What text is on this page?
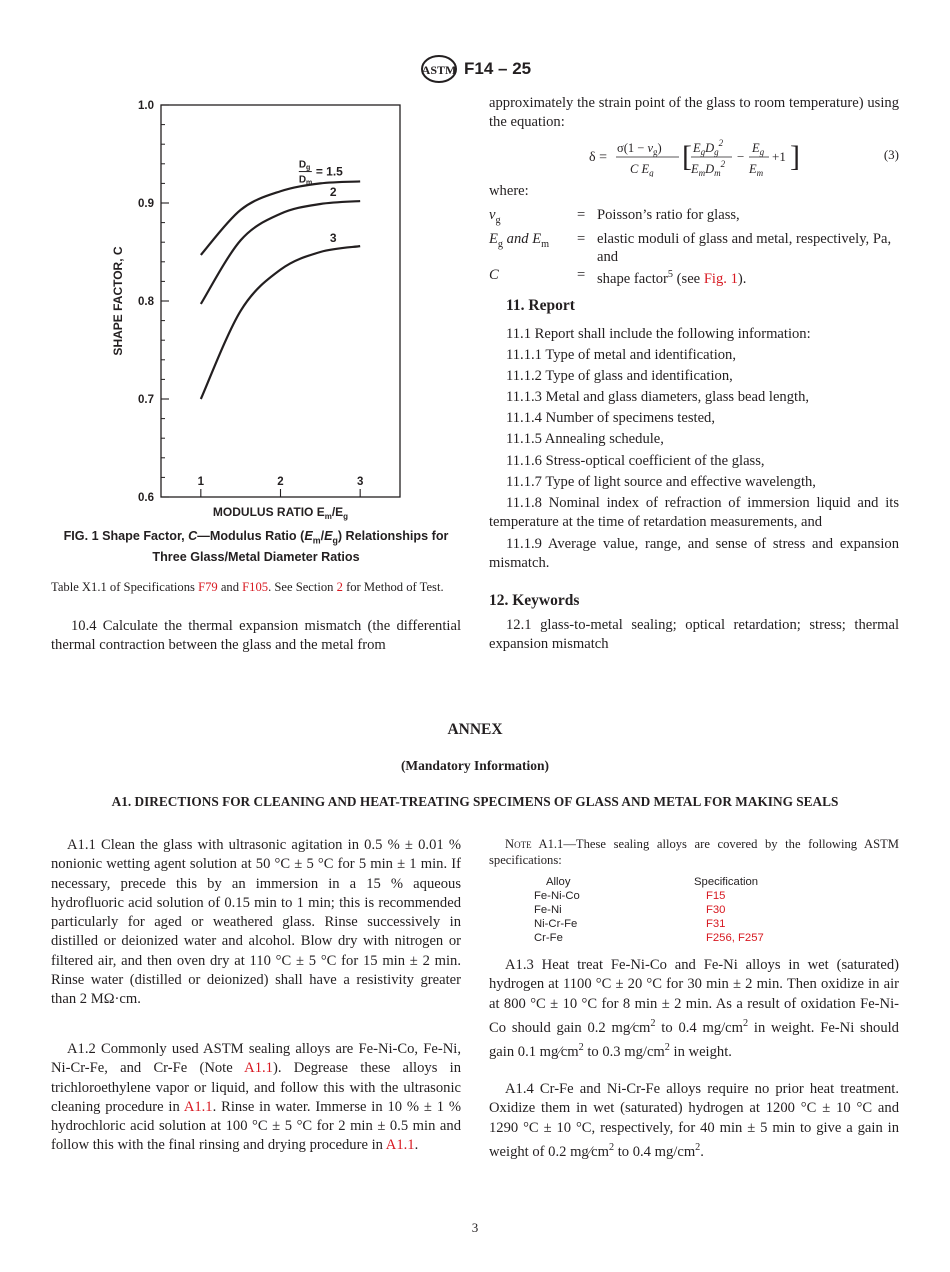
ASTM F14 – 25
0.6
0.7
0.8
0.9
1.0
1	2	3
MODULUS RATIO $E_m/E_g$
SHAPE FACTOR, C
3
2
$D_g$
$D_m$
= 1.5
FIG. 1 Shape Factor, C—Modulus Ratio $(E_m/E_g)$ Relationships for
Three Glass/Metal Diameter Ratios
Table X1.1 of Specifications F79 and F105. See Section 2 for Method of Test.

10.4 Calculate the thermal expansion mismatch (the differential thermal contraction between the glass and the metal from

approximately the strain point of the glass to room temperature) using the equation:

δ =
$\sigma(1 - v_g)$
C $E_g$ [ $E_gD_g^2$
$E_mD_m^2$ −
$E_g$
$E_m$
+1 ]	(3)
where:
$v_g$	=	Poisson’s ratio for glass,
$E_g$ and $E_m$	=	elastic moduli of glass and metal, respectively, Pa, and
C	=	shape factor$^5$ (see Fig. 1).
11. Report
11.1 Report shall include the following information:
11.1.1 Type of metal and identification,
11.1.2 Type of glass and identification,
11.1.3 Metal and glass diameters, glass bead length,
11.1.4 Number of specimens tested,
11.1.5 Annealing schedule,
11.1.6 Stress-optical coefficient of the glass,
11.1.7 Type of light source and effective wavelength,

11.1.8 Nominal index of refraction of immersion liquid and its temperature at the time of retardation measurements, and

11.1.9 Average value, range, and sense of stress and expansion mismatch.

12. Keywords

12.1 glass-to-metal sealing; optical retardation; stress; thermal expansion mismatch

ANNEX
(Mandatory Information)
A1. DIRECTIONS FOR CLEANING AND HEAT-TREATING SPECIMENS OF GLASS AND METAL FOR MAKING SEALS

A1.1 Clean the glass with ultrasonic agitation in 0.5 % ± 0.01 % nonionic wetting agent solution at 50 °C ± 5 °C for 5 min ± 1 min. If necessary, precede this by an immersion in a 15 % aqueous hydrofluoric acid solution of 0.15 min to 1 min; this is recommended particularly for aged or weathered glass. Rinse successively in distilled or deionized water and alcohol. Blow dry with nitrogen or filtered air, and then oven dry at 110 °C ± 5 °C for 15 min ± 2 min. Rinse water (distilled or deionized) shall have a resistivity greater than 2 MΩ·cm.

A1.2 Commonly used ASTM sealing alloys are Fe-Ni-Co, Fe-Ni, Ni-Cr-Fe, and Cr-Fe (Note A1.1). Degrease these alloys in trichloroethylene vapor or liquid, and follow this with the ultrasonic cleaning procedure in A1.1. Rinse in water. Immerse in 10 % ± 1 % hydrochloric acid solution at 100 °C ± 5 °C for 2 min ± 0.5 min and follow this with the final rinsing and drying procedure in A1.1.

Note A1.1—These sealing alloys are covered by the following ASTM specifications:
Alloy	Specification
Fe-Ni-Co	F15
Fe-Ni	F30
Ni-Cr-Fe	F31
Cr-Fe	F256, F257

A1.3 Heat treat Fe-Ni-Co and Fe-Ni alloys in wet (saturated) hydrogen at 1100 °C ± 20 °C for 30 min ± 2 min. Then oxidize in air at 800 °C ± 10 °C for 8 min ± 2 min. As a result of oxidation Fe-Ni-Co should gain 0.2 $mg⁄cm^2$ to 0.4 $mg/cm^2$ in weight. Fe-Ni should gain 0.1 $mg⁄cm^2$ to 0.3 $mg/cm^2$ in weight.

A1.4 Cr-Fe and Ni-Cr-Fe alloys require no prior heat treatment. Oxidize them in wet (saturated) hydrogen at 1200 °C ± 10 °C and 1290 °C ± 10 °C, respectively, for 40 min ± 5 min to give a gain in weight of 0.2 $mg⁄cm^2$ to 0.4 $mg/cm^2$.

3
